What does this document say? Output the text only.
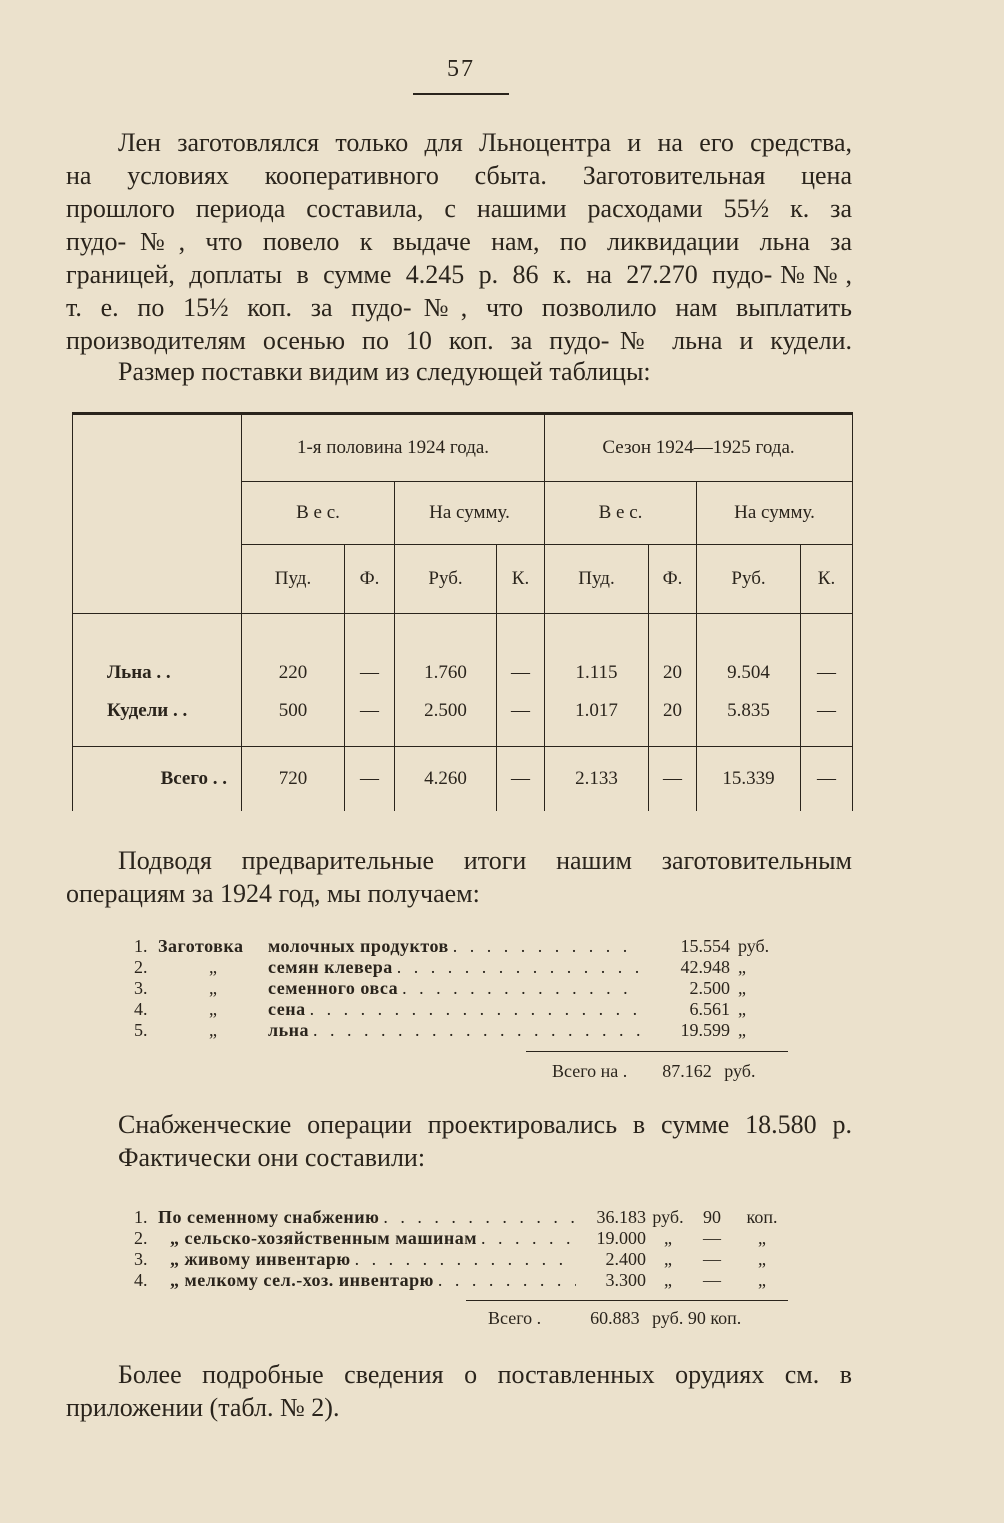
57
Лен заготовлялся только для Льноцентра и на его средства,
на условиях кооперативного сбыта. Заготовительная цена
прошлого периода составила, с нашими расходами 55½ к. за
пудо-№, что повело к выдаче нам, по ликвидации льна за
границей, доплаты в сумме 4.245 р. 86 к. на 27.270 пудо-№№,
т. е. по 15½ коп. за пудо-№, что позволило нам выплатить
производителям осенью по 10 коп. за пудо-№ льна и кудели.
Размер поставки видим из следующей таблицы:
	1-я половина 1924 года.				Сезон 1924—1925 года.			
	В е с.		На сумму.		В е с.		На сумму.	
	Пуд.	Ф.	Руб.	К.	Пуд.	Ф.	Руб.	К.
Льна . .	220	—	1.760	—	1.115	20	9.504	—
Кудели . .	500	—	2.500	—	1.017	20	5.835	—
Всего . .	720	—	4.260	—	2.133	—	15.339	—
Подводя предварительные итоги нашим заготовительным
операциям за 1924 год, мы получаем:
1. Заготовка	молочных продуктов . . .	15.554 руб.
2.	„	семян клевера . . .	42.948 „
3.	„	семенного овса . . .	2.500 „
4.	„	сена . . .	6.561 „
5.	„	льна . . .	19.599 „
Всего на . 87.162 руб.
Снабженческие операции проектировались в сумме 18.580 р.
Фактически они составили:
1. По семенному снабжению . . .	36.183 руб.	90	коп.
2.	„ сельско-хозяйственным машинам . . .	19.000	„	—	„
3.	„ живому инвентарю . . .	2.400	„	—	„
4.	„ мелкому сел.-хоз. инвентарю . . .	3.300	„	—	„
Всего .	60.883 руб. 90 коп.
Более подробные сведения о поставленных орудиях см. в
приложении (табл. № 2).
